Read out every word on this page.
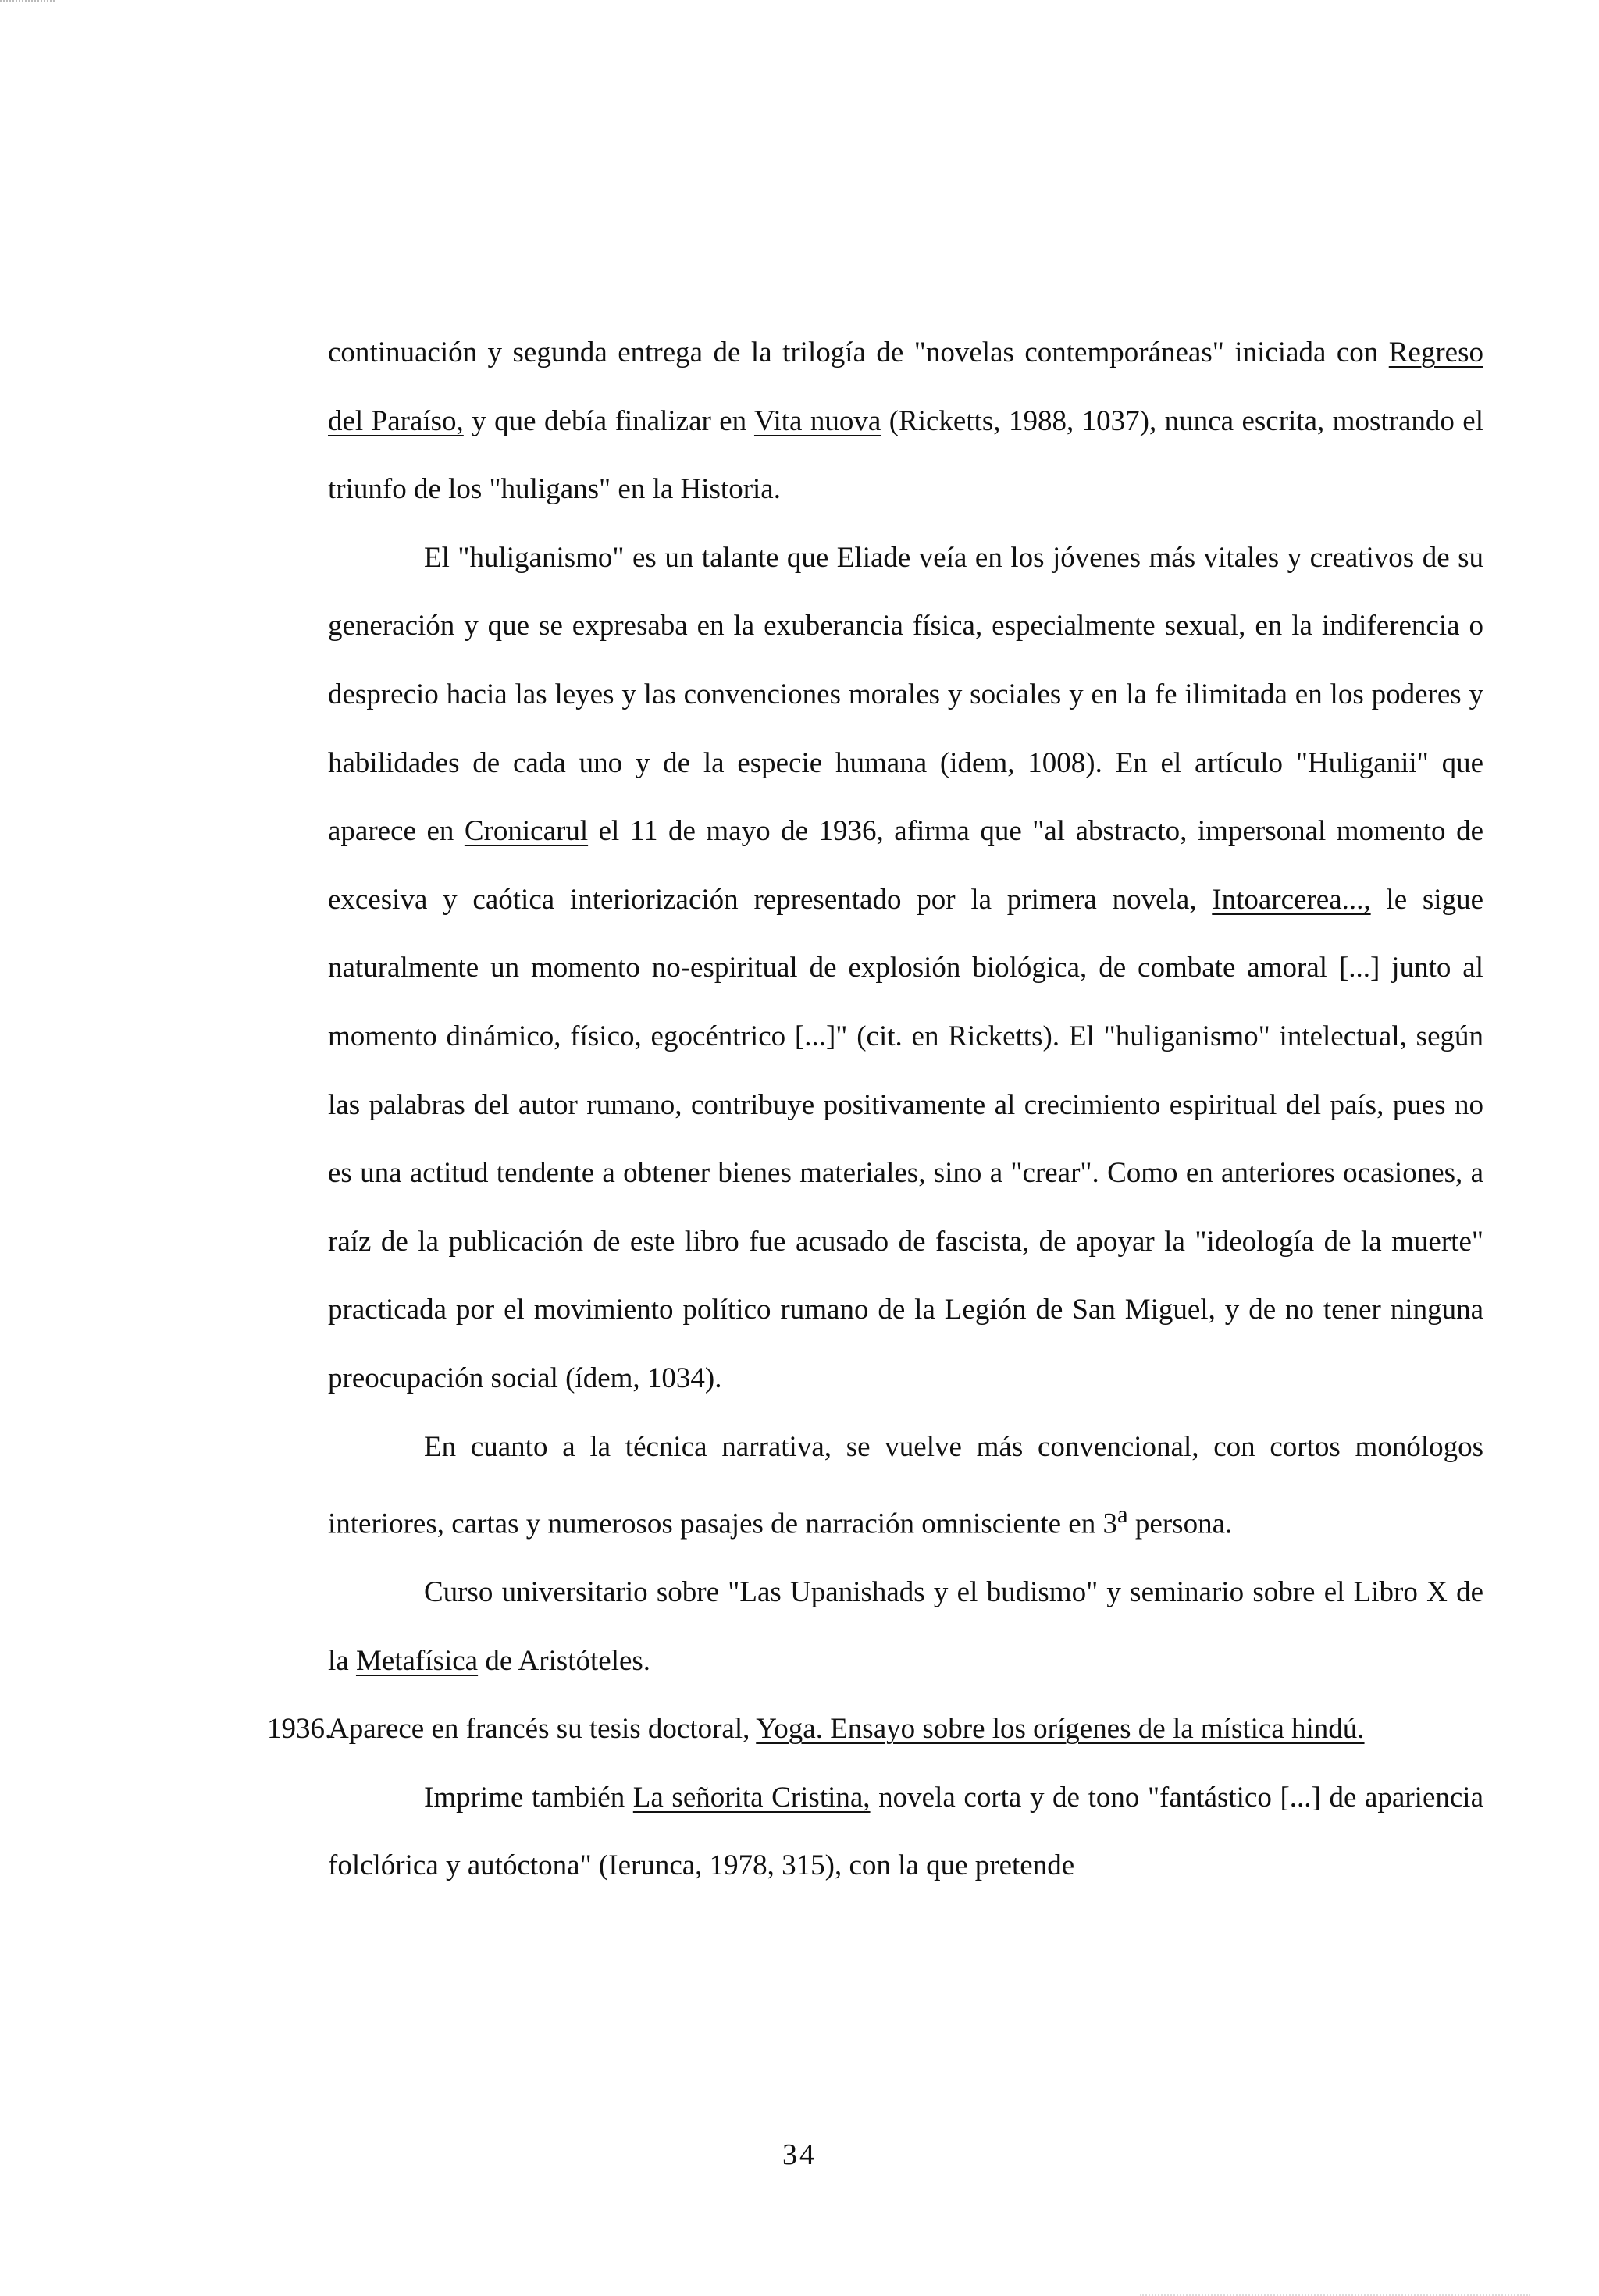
continuación y segunda entrega de la trilogía de "novelas contemporáneas" iniciada con Regreso del Paraíso, y que debía finalizar en Vita nuova (Ricketts, 1988, 1037), nunca escrita, mostrando el triunfo de los "huligans" en la Historia.

El "huliganismo" es un talante que Eliade veía en los jóvenes más vitales y creativos de su generación y que se expresaba en la exuberancia física, especialmente sexual, en la indiferencia o desprecio hacia las leyes y las convenciones morales y sociales y en la fe ilimitada en los poderes y habilidades de cada uno y de la especie humana (idem, 1008). En el artículo "Huliganii" que aparece en Cronicarul el 11 de mayo de 1936, afirma que "al abstracto, impersonal momento de excesiva y caótica interiorización representado por la primera novela, Intoarcerea..., le sigue naturalmente un momento no-espiritual de explosión biológica, de combate amoral [...] junto al momento dinámico, físico, egocéntrico [...]" (cit. en Ricketts). El "huliganismo" intelectual, según las palabras del autor rumano, contribuye positivamente al crecimiento espiritual del país, pues no es una actitud tendente a obtener bienes materiales, sino a "crear". Como en anteriores ocasiones, a raíz de la publicación de este libro fue acusado de fascista, de apoyar la "ideología de la muerte" practicada por el movimiento político rumano de la Legión de San Miguel, y de no tener ninguna preocupación social (ídem, 1034).

En cuanto a la técnica narrativa, se vuelve más convencional, con cortos monólogos interiores, cartas y numerosos pasajes de narración omnisciente en 3$^a$ persona.

Curso universitario sobre "Las Upanishads y el budismo" y seminario sobre el Libro X de la Metafísica de Aristóteles.

1936.
Aparece en francés su tesis doctoral, Yoga. Ensayo sobre los orígenes de la mística hindú.

Imprime también La señorita Cristina, novela corta y de tono "fantástico [...] de apariencia folclórica y autóctona" (Ierunca, 1978, 315), con la que pretende

34
